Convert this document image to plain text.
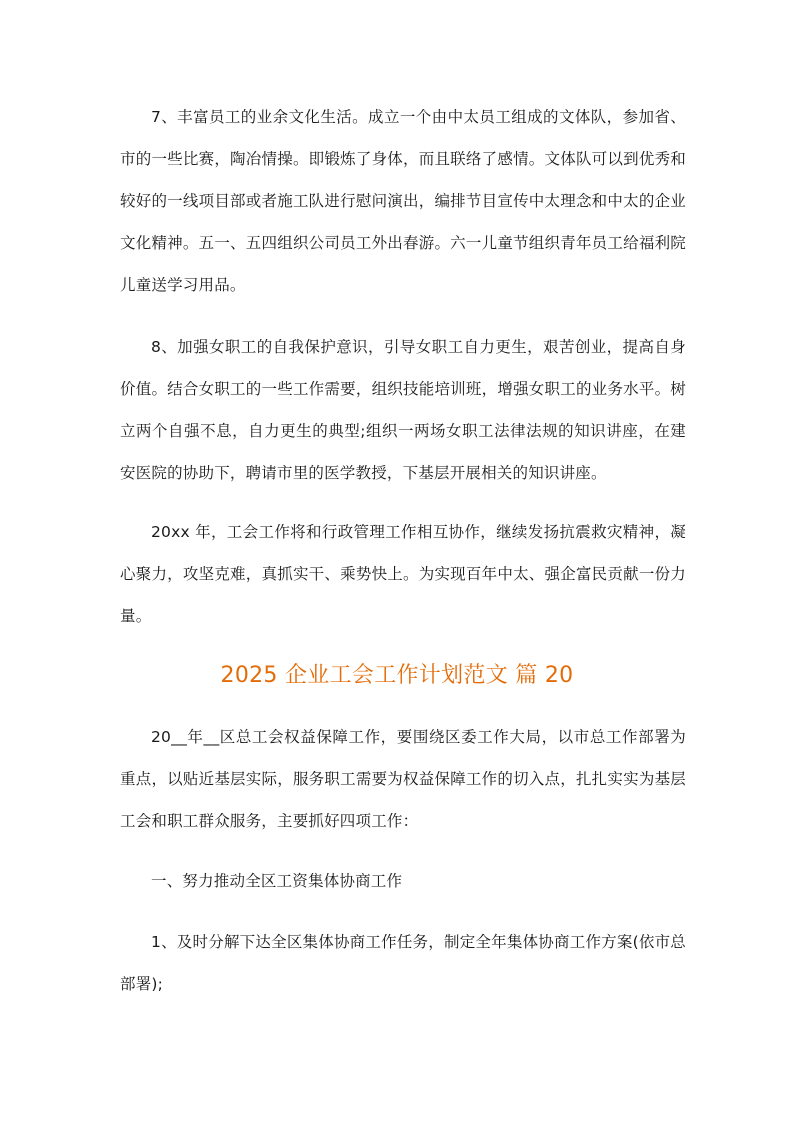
7、丰富员工的业余文化生活。成立一个由中太员工组成的文体队，参加省、市的一些比赛，陶冶情操。即锻炼了身体，而且联络了感情。文体队可以到优秀和较好的一线项目部或者施工队进行慰问演出，编排节目宣传中太理念和中太的企业文化精神。五一、五四组织公司员工外出春游。六一儿童节组织青年员工给福利院儿童送学习用品。

8、加强女职工的自我保护意识，引导女职工自力更生，艰苦创业，提高自身价值。结合女职工的一些工作需要，组织技能培训班，增强女职工的业务水平。树立两个自强不息，自力更生的典型;组织一两场女职工法律法规的知识讲座，在建安医院的协助下，聘请市里的医学教授，下基层开展相关的知识讲座。

20xx 年，工会工作将和行政管理工作相互协作，继续发扬抗震救灾精神，凝心聚力，攻坚克难，真抓实干、乘势快上。为实现百年中太、强企富民贡献一份力量。

2025 企业工会工作计划范文 篇 20

20__年__区总工会权益保障工作，要围绕区委工作大局，以市总工作部署为重点，以贴近基层实际，服务职工需要为权益保障工作的切入点，扎扎实实为基层工会和职工群众服务，主要抓好四项工作：

一、努力推动全区工资集体协商工作

1、及时分解下达全区集体协商工作任务，制定全年集体协商工作方案(依市总部署);
